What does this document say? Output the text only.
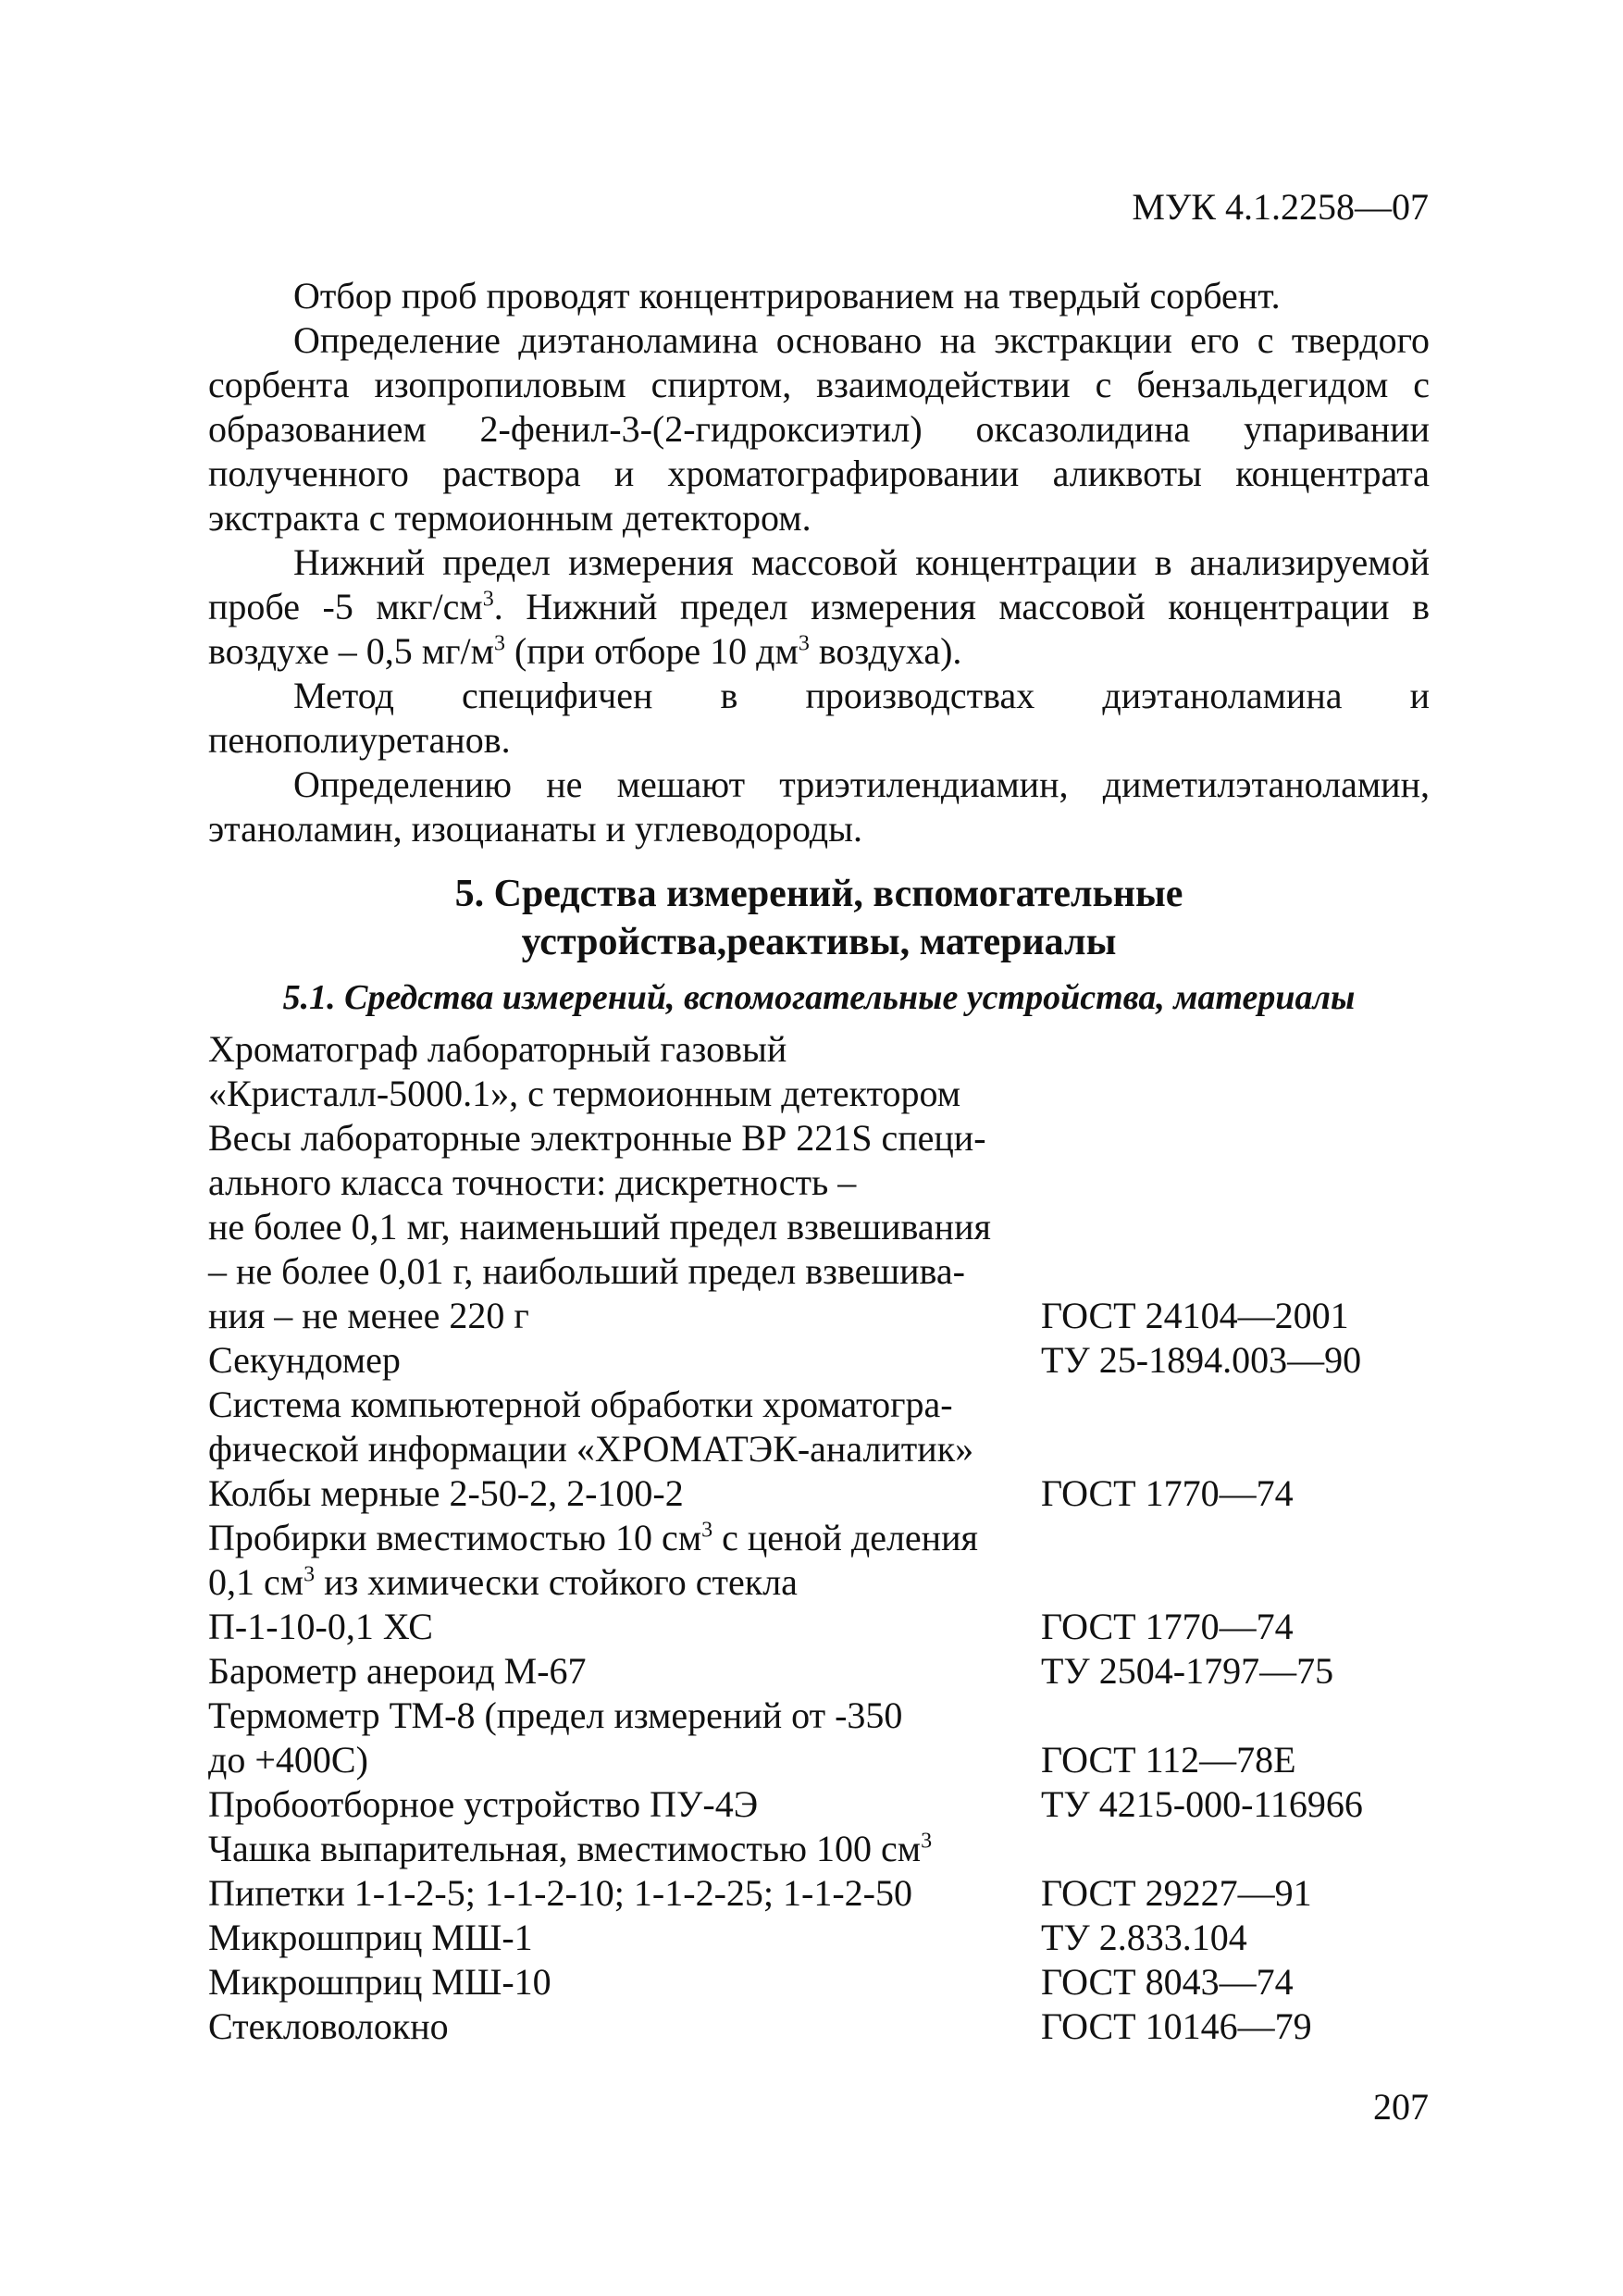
МУК 4.1.2258—07

Отбор проб проводят концентрированием на твердый сорбент.

Определение диэтаноламина основано на экстракции его с твердого сорбента изопропиловым спиртом, взаимодействии с бензальдегидом с образованием 2-фенил-3-(2-гидроксиэтил) оксазолидина упаривании полученного раствора и хроматографировании аликвоты концентрата экстракта с термоионным детектором.

Нижний предел измерения массовой концентрации в анализируемой пробе -5 мкг/$см^3$. Нижний предел измерения массовой концентрации в воздухе – 0,5 $мг/м^3$ (при отборе 10 $дм^3$ воздуха).

Метод специфичен в производствах диэтаноламина и пенополиуретанов.

Определению не мешают триэтилендиамин, диметилэтаноламин, этаноламин, изоцианаты и углеводороды.

5. Средства измерений, вспомогательные
устройства,реактивы, материалы
5.1. Средства измерений, вспомогательные устройства, материалы
Хроматограф лабораторный газовый
«Кристалл-5000.1», с термоионным детектором
Весы лабораторные электронные ВР 221S специ-
ального класса точности: дискретность –
не более 0,1 мг, наименьший предел взвешивания
– не более 0,01 г, наибольший предел взвешива-
ния – не менее 220 г	ГОСТ 24104—2001
Секундомер	ТУ 25-1894.003—90
Система компьютерной обработки хроматогра-
фической информации «ХРОМАТЭК-аналитик»
Колбы мерные 2-50-2, 2-100-2	ГОСТ 1770—74
Пробирки вместимостью 10 $см^3$ с ценой деления
0,1 $см^3$ из химически стойкого стекла
П-1-10-0,1 ХС	ГОСТ 1770—74
Барометр анероид М-67	ТУ 2504-1797—75
Термометр ТМ-8 (предел измерений от -350
до +400С)	ГОСТ 112—78Е
Пробоотборное устройство ПУ-4Э	ТУ 4215-000-116966
Чашка выпарительная, вместимостью 100 $см^3$
Пипетки 1-1-2-5; 1-1-2-10; 1-1-2-25; 1-1-2-50	ГОСТ 29227—91
Микрошприц МШ-1	ТУ 2.833.104
Микрошприц МШ-10	ГОСТ 8043—74
Стекловолокно	ГОСТ 10146—79
207
